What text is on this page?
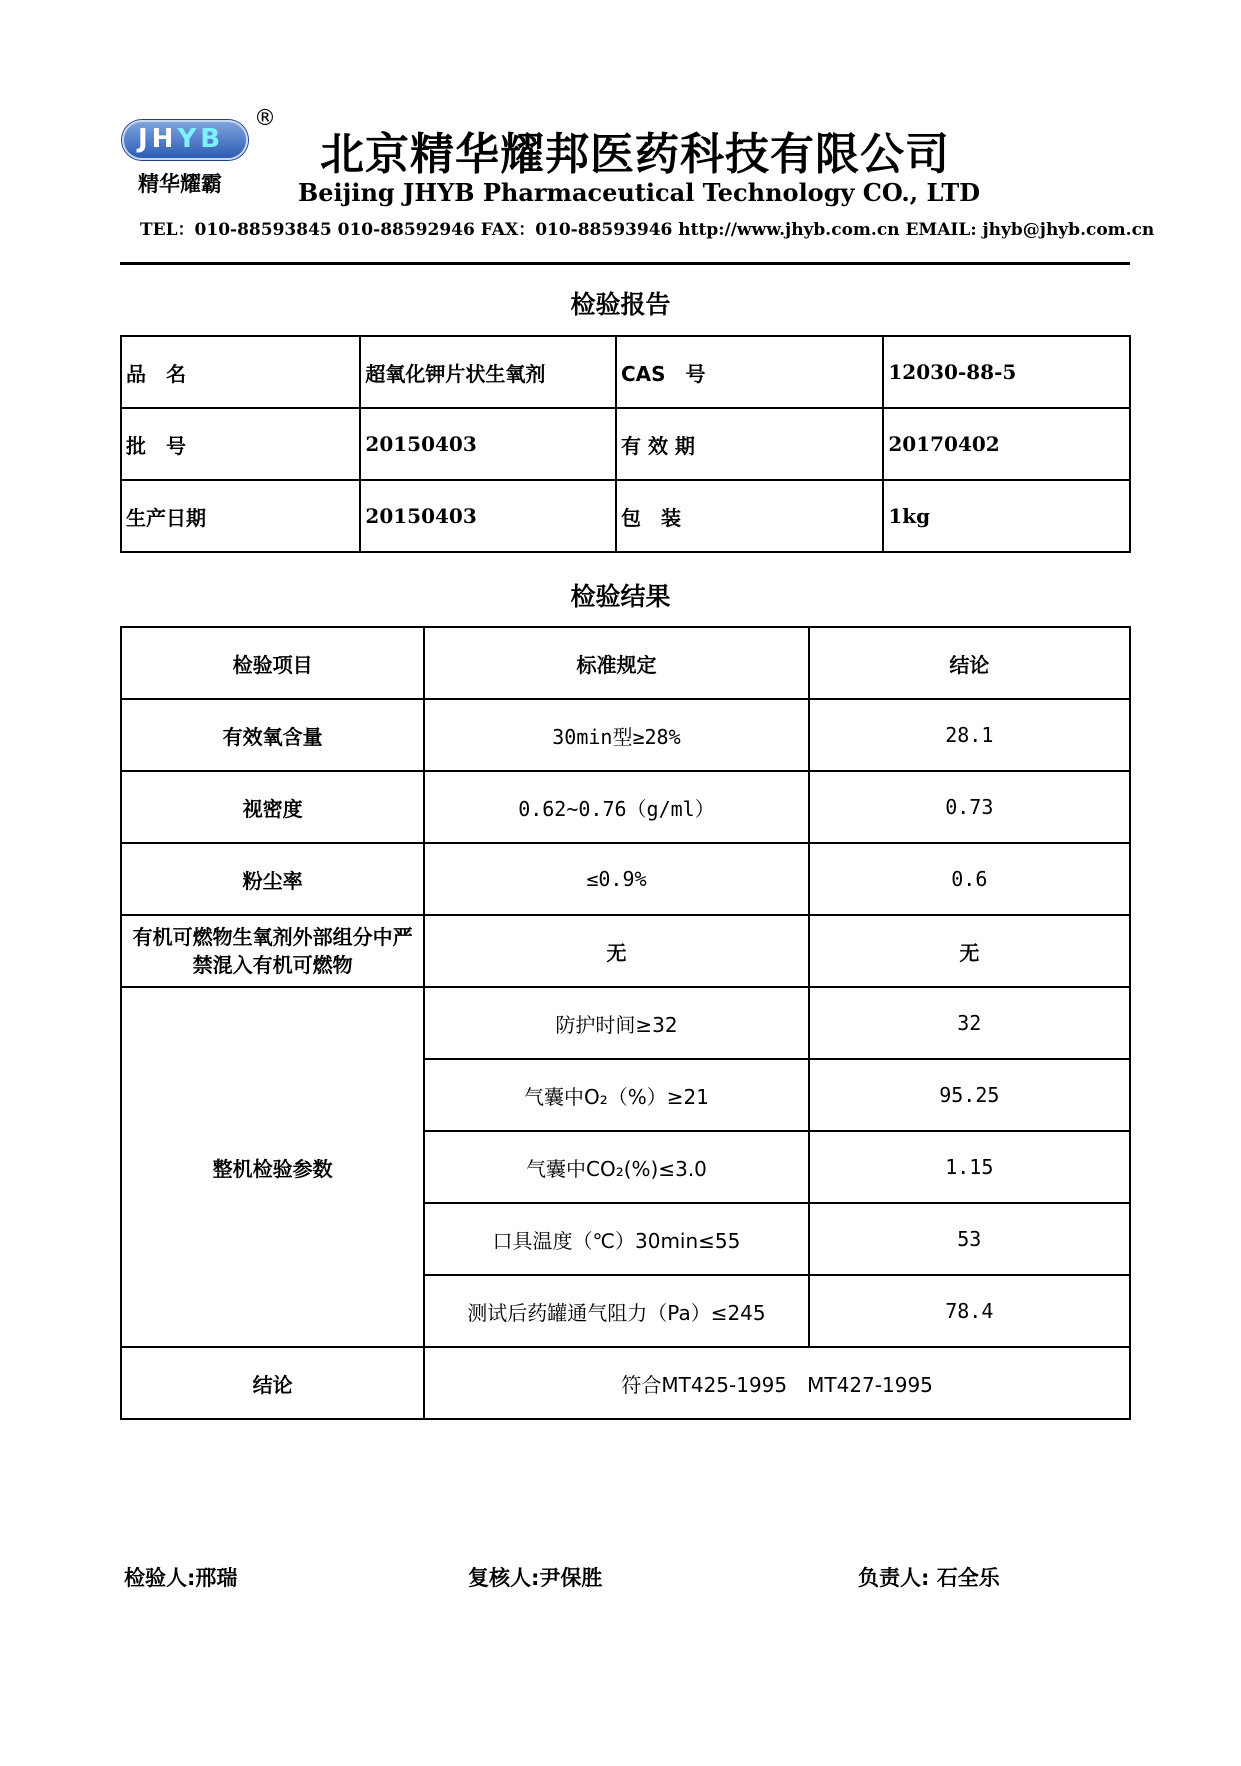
JHYB
®
精华耀霸
北京精华耀邦医药科技有限公司
Beijing JHYB Pharmaceutical Technology CO., LTD
TEL：010-88593845 010-88592946 FAX：010-88593946 http://www.jhyb.com.cn EMAIL: jhyb@jhyb.com.cn
检验报告
品　名	超氧化钾片状生氧剂	CAS　号	12030-88-5
批　号	20150403	有 效 期	20170402
生产日期	20150403	包　装	1kg
检验结果
检验项目	标准规定	结论
有效氧含量	30min型≥28%	28.1
视密度	0.62~0.76（g/ml）	0.73
粉尘率	≤0.9%	0.6
有机可燃物生氧剂外部组分中严禁混入有机可燃物	无	无
整机检验参数	防护时间≥32	32
	气囊中O₂（%）≥21	95.25
	气囊中CO₂(%)≤3.0	1.15
	口具温度（℃）30min≤55	53
	测试后药罐通气阻力（Pa）≤245	78.4
结论	符合MT425-1995　MT427-1995	
检验人:邢瑞	复核人:尹保胜	负责人: 石全乐
